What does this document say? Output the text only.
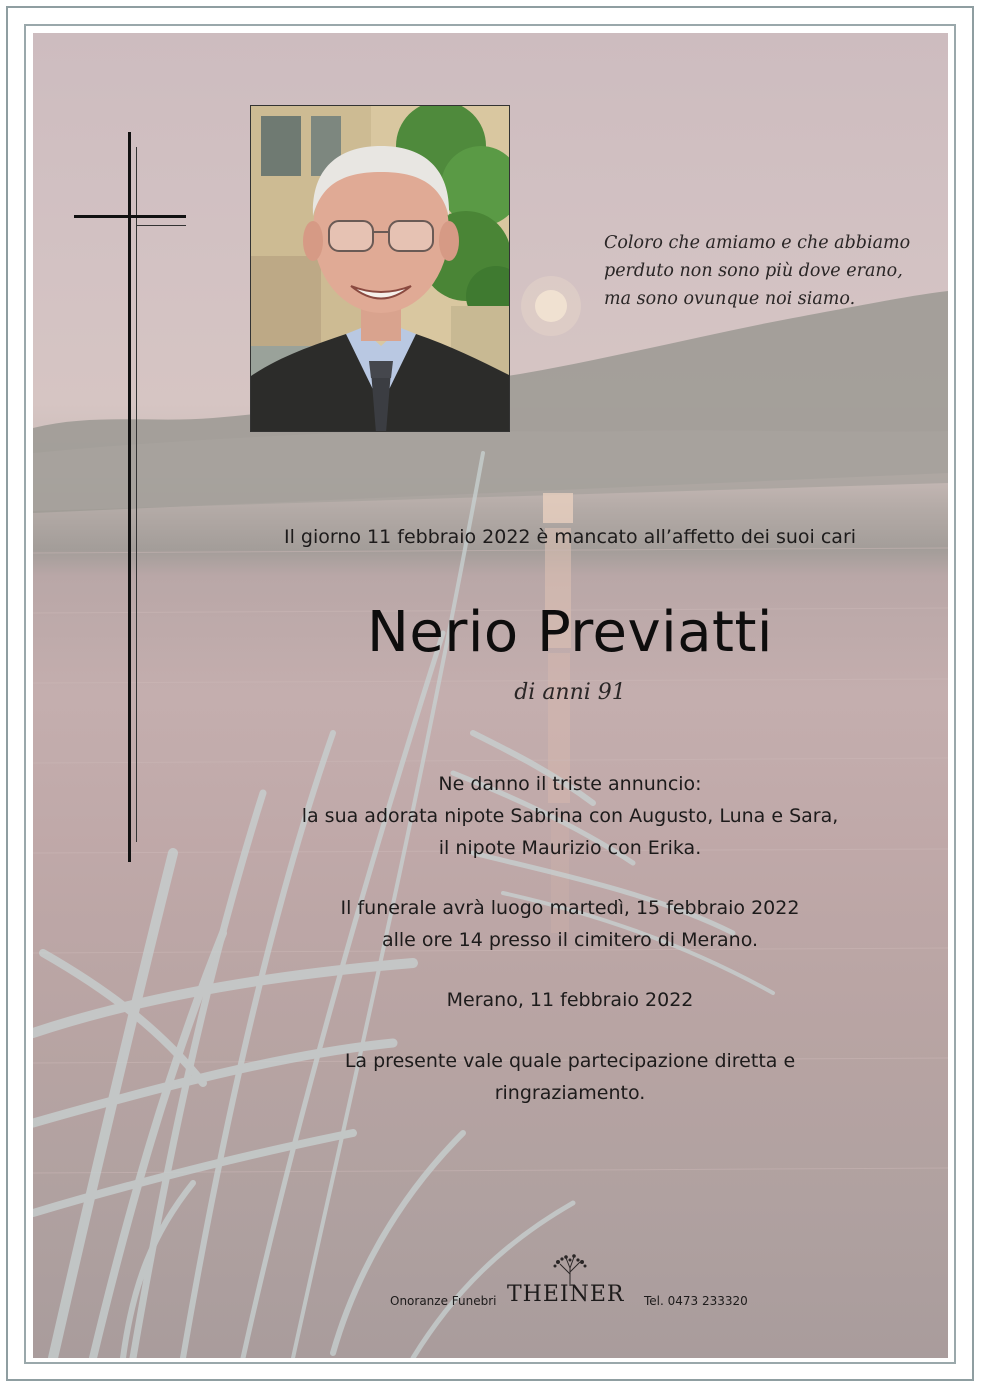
Coloro che amiamo e che abbiamo
perduto non sono più dove erano,
ma sono ovunque noi siamo.

Il giorno 11 febbraio 2022 è mancato all’affetto dei suoi cari

Nerio Previatti

di anni 91

Ne danno il triste annuncio:
la sua adorata nipote Sabrina con Augusto, Luna e Sara,
il nipote Maurizio con Erika.

Il funerale avrà luogo martedì, 15 febbraio 2022
alle ore 14 presso il cimitero di Merano.

Merano, 11 febbraio 2022

La presente vale quale partecipazione diretta e
ringraziamento.

Onoranze Funebri THEINER Tel. 0473 233320
